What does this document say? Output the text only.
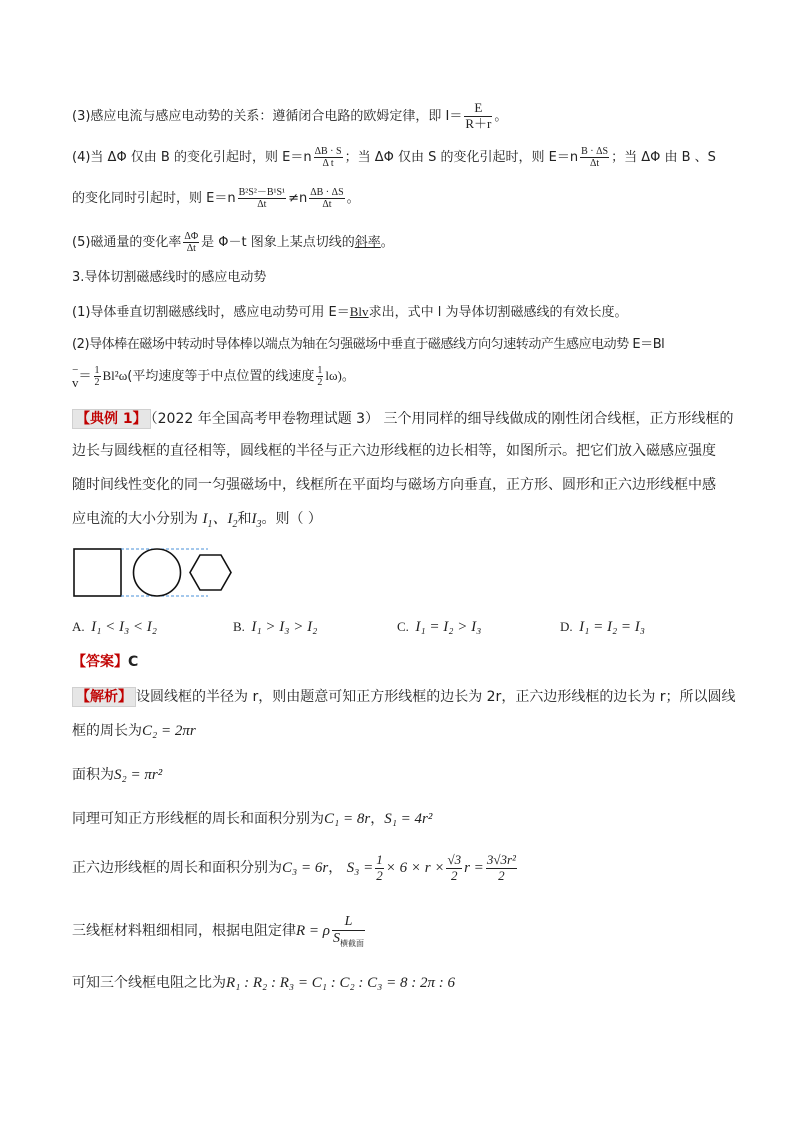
(3)感应电流与感应电动势的关系：遵循闭合电路的欧姆定律，即 $I= \frac{E}{R+r}$ 。
(4)当 ΔΦ 仅由 B 的变化引起时，则 $E=n \frac{\Delta B \cdot S}{\text{Δ t}}$ ；当 ΔΦ 仅由 S 的变化引起时，则 $E=n \frac{B \cdot \Delta S}{\Delta t}$ ；当 ΔΦ 由 B 、S
的变化同时引起时，则 $E=n \frac{\text{B²S²－B¹S¹}}{\Delta t} \ne n \frac{\Delta B \cdot \Delta S}{\Delta t}$ 。
(5)磁通量的变化率 $\frac{\Delta\Phi}{\Delta t}$ 是 Φ－t 图象上某点切线的斜率。
3.导体切割磁感线时的感应电动势
(1)导体垂直切割磁感线时，感应电动势可用 E＝Blv求出，式中 l 为导体切割磁感线的有效长度。
(2)导体棒在磁场中转动时导体棒以端点为轴在匀强磁场中垂直于磁感线方向匀速转动产生感应电动势 E＝Bl
−
$v= \frac{1}{2} Bl^2\omega$(平均速度等于中点位置的线速度 $\frac{1}{2} l\omega$)。
【典例 1】 （2022 年全国高考甲卷物理试题 3） 三个用同样的细导线做成的刚性闭合线框，正方形线框的
边长与圆线框的直径相等，圆线框的半径与正六边形线框的边长相等，如图所示。把它们放入磁感应强度
随时间线性变化的同一匀强磁场中，线框所在平面均与磁场方向垂直，正方形、圆形和正六边形线框中感
应电流的大小分别为 $I_1$、$I_2$和$I_3$。则（ ）
A. I₁ < I₃ < I₂	B. I₁ > I₃ > I₂	C. I₁ = I₂ > I₃	D. I₁ = I₂ = I₃
【答案】C
【解析】 设圆线框的半径为 r，则由题意可知正方形线框的边长为 2r，正六边形线框的边长为 r；所以圆线
框的周长为C₂ = 2πr
面积为S₂ = πr²
同理可知正方形线框的周长和面积分别为C₁ = 8r，S₁ = 4r²
正六边形线框的周长和面积分别为C₃ = 6r， $S_3 = \frac{1}{2} \times 6 \times r \times \frac{√3}{2}$ $r = \frac{\text{3√3r²}}{2}$
三线框材料粗细相同，根据电阻定律R = ρ $\frac{L}{S_{横截面}}$
可知三个线框电阻之比为R₁ : R₂ : R₃ = C₁ : C₂ : C₃ = 8 : 2π : 6
